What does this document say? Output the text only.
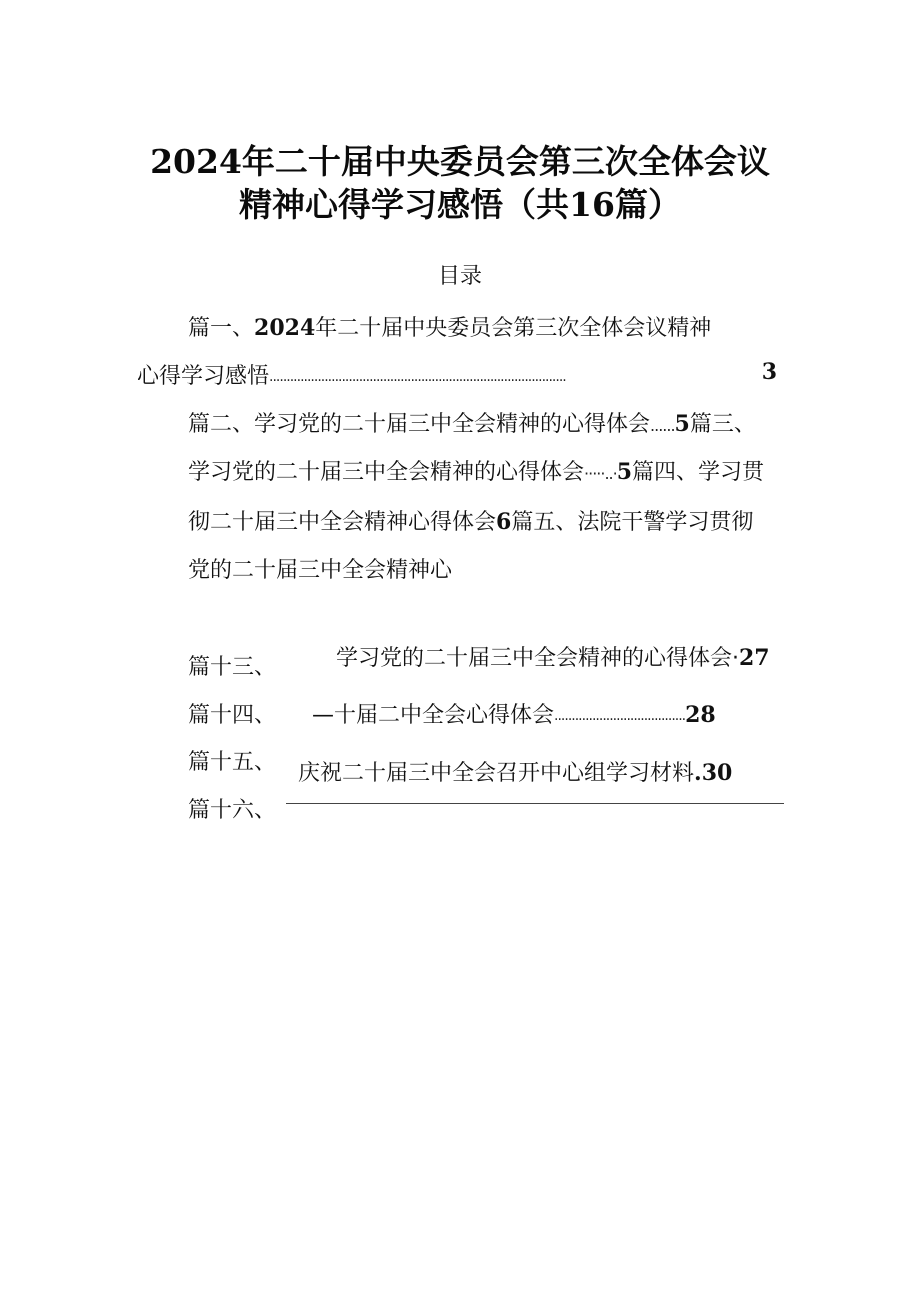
2024年二十届中央委员会第三次全体会议
精神心得学习感悟（共16篇）
目录
篇一、2024年二十届中央委员会第三次全体会议精神
心得学习感悟......................................................................................	3
篇二、学习党的二十届三中全会精神的心得体会......5篇三、
学习党的二十届三中全会精神的心得体会·····..·5篇四、学习贯
彻二十届三中全会精神心得体会6篇五、法院干警学习贯彻
党的二十届三中全会精神心
篇十三、	学习党的二十届三中全会精神的心得体会·27
篇十四、 —十届二中全会心得体会......................................28
篇十五、 庆祝二十届三中全会召开中心组学习材料.30
篇十六、
